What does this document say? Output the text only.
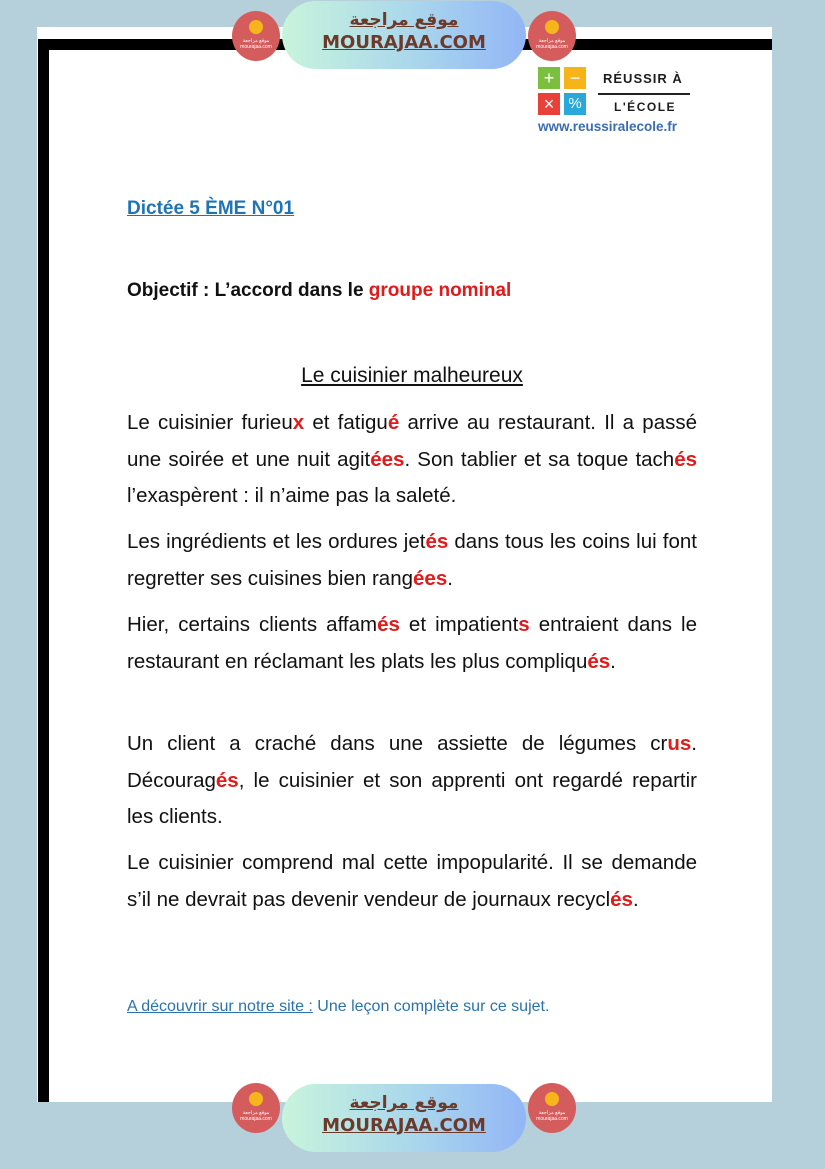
موقع مراجعة mourajaa.com
موقع مراجعة
MOURAJAA.COM	موقع مراجعة mourajaa.com
+ −
× %
RÉUSSIR À
L'ÉCOLE
www.reussiralecole.fr
Dictée 5 ÈME N°01
Objectif : L’accord dans le groupe nominal
Le cuisinier malheureux
Le cuisinier furieux et fatigué arrive au restaurant. Il a passé une soirée et une nuit agitées. Son tablier et sa toque tachés l’exaspèrent : il n’aime pas la saleté.
Les ingrédients et les ordures jetés dans tous les coins lui font regretter ses cuisines bien rangées.
Hier, certains clients affamés et impatients entraient dans le restaurant en réclamant les plats les plus compliqués.
Un client a craché dans une assiette de légumes crus. Découragés, le cuisinier et son apprenti ont regardé repartir les clients.
Le cuisinier comprend mal cette impopularité. Il se demande s’il ne devrait pas devenir vendeur de journaux recyclés.
A découvrir sur notre site : Une leçon complète sur ce sujet.
موقع مراجعة mourajaa.com
موقع مراجعة
MOURAJAA.COM
موقع مراجعة mourajaa.com
